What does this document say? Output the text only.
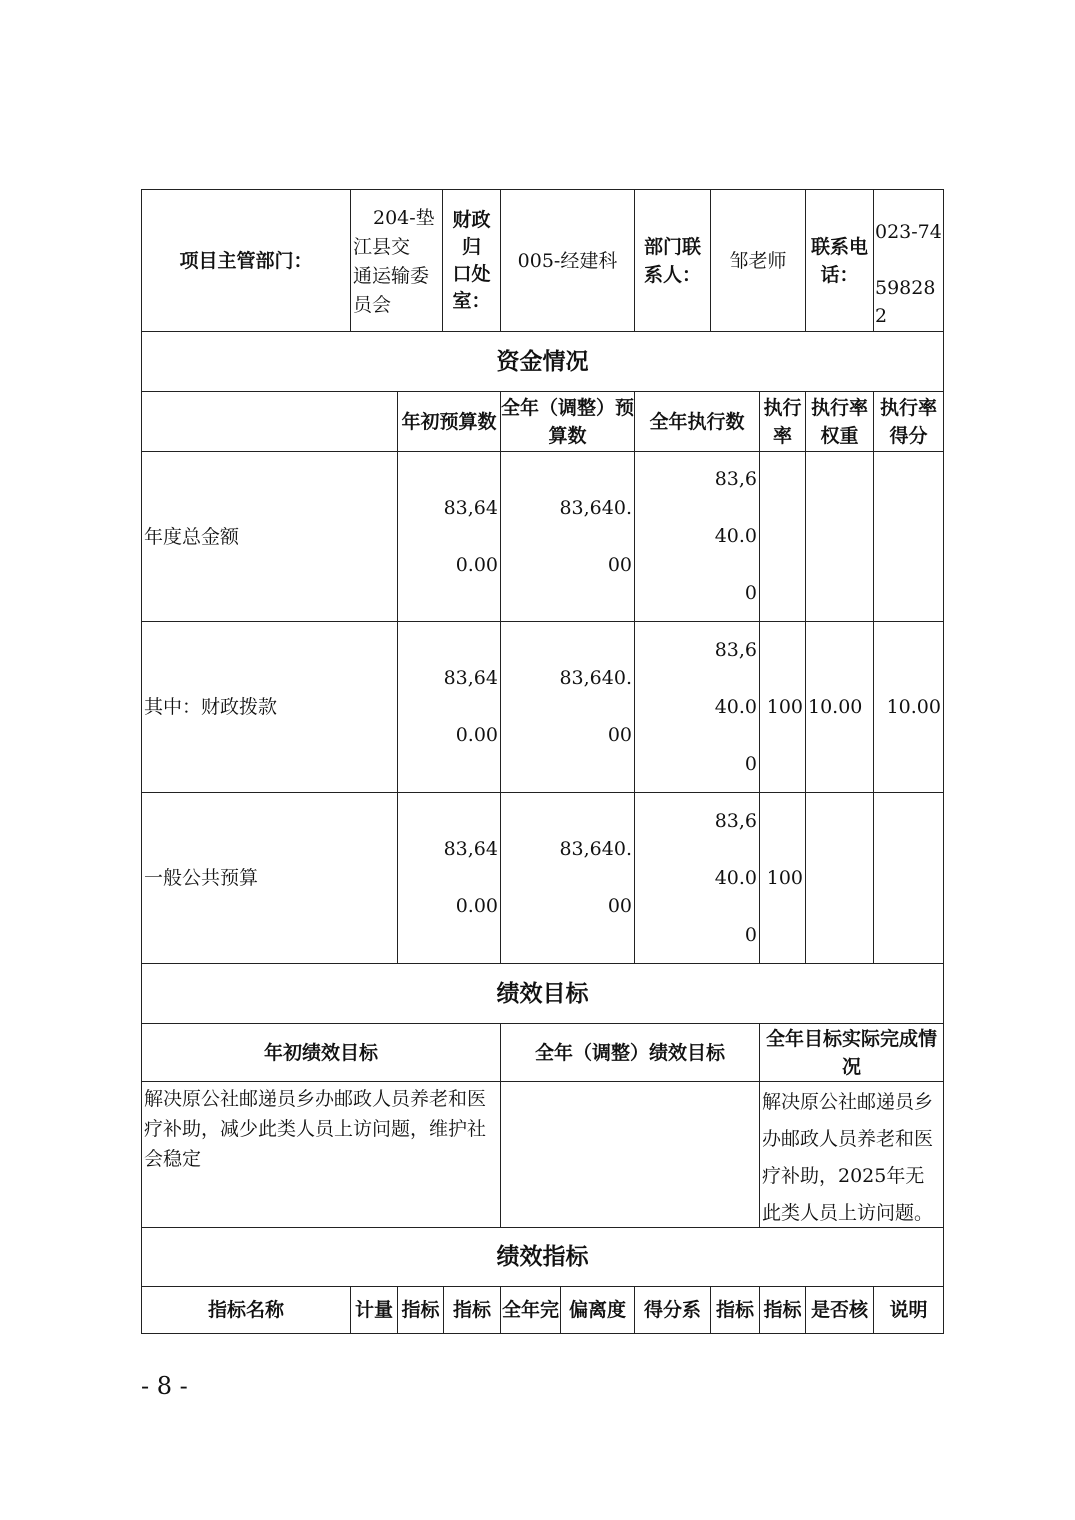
项目主管部门：
204-垫
江县交
通运输委
员会
财政
归
口处
室：
005-经建科
部门联
系人：
邹老师
联系电
话：
023-74

598282
资金情况
年初预算数
全年（调整）预
算数
全年执行数
执行
率
执行率
权重
执行率
得分
年度总金额
83,64
0.00
83,640.
00
83,6
40.0
0
其中：财政拨款
83,64
0.00
83,640.
00
83,6
40.0
0
100 10.00 10.00
一般公共预算
83,64
0.00
83,640.
00
83,6
40.0
0
100
绩效目标
年初绩效目标	全年（调整）绩效目标
全年目标实际完成情
况
解决原公社邮递员乡办邮政人员养老和医疗补助，减少此类人员上访问题，维护社会稳定
解决原公社邮递员乡办邮政人员养老和医疗补助，2025年无此类人员上访问题。
绩效指标
指标名称	计量 指标 指标 全年完 偏离度 得分系 指标 指标 是否核 说明
- 8 -
